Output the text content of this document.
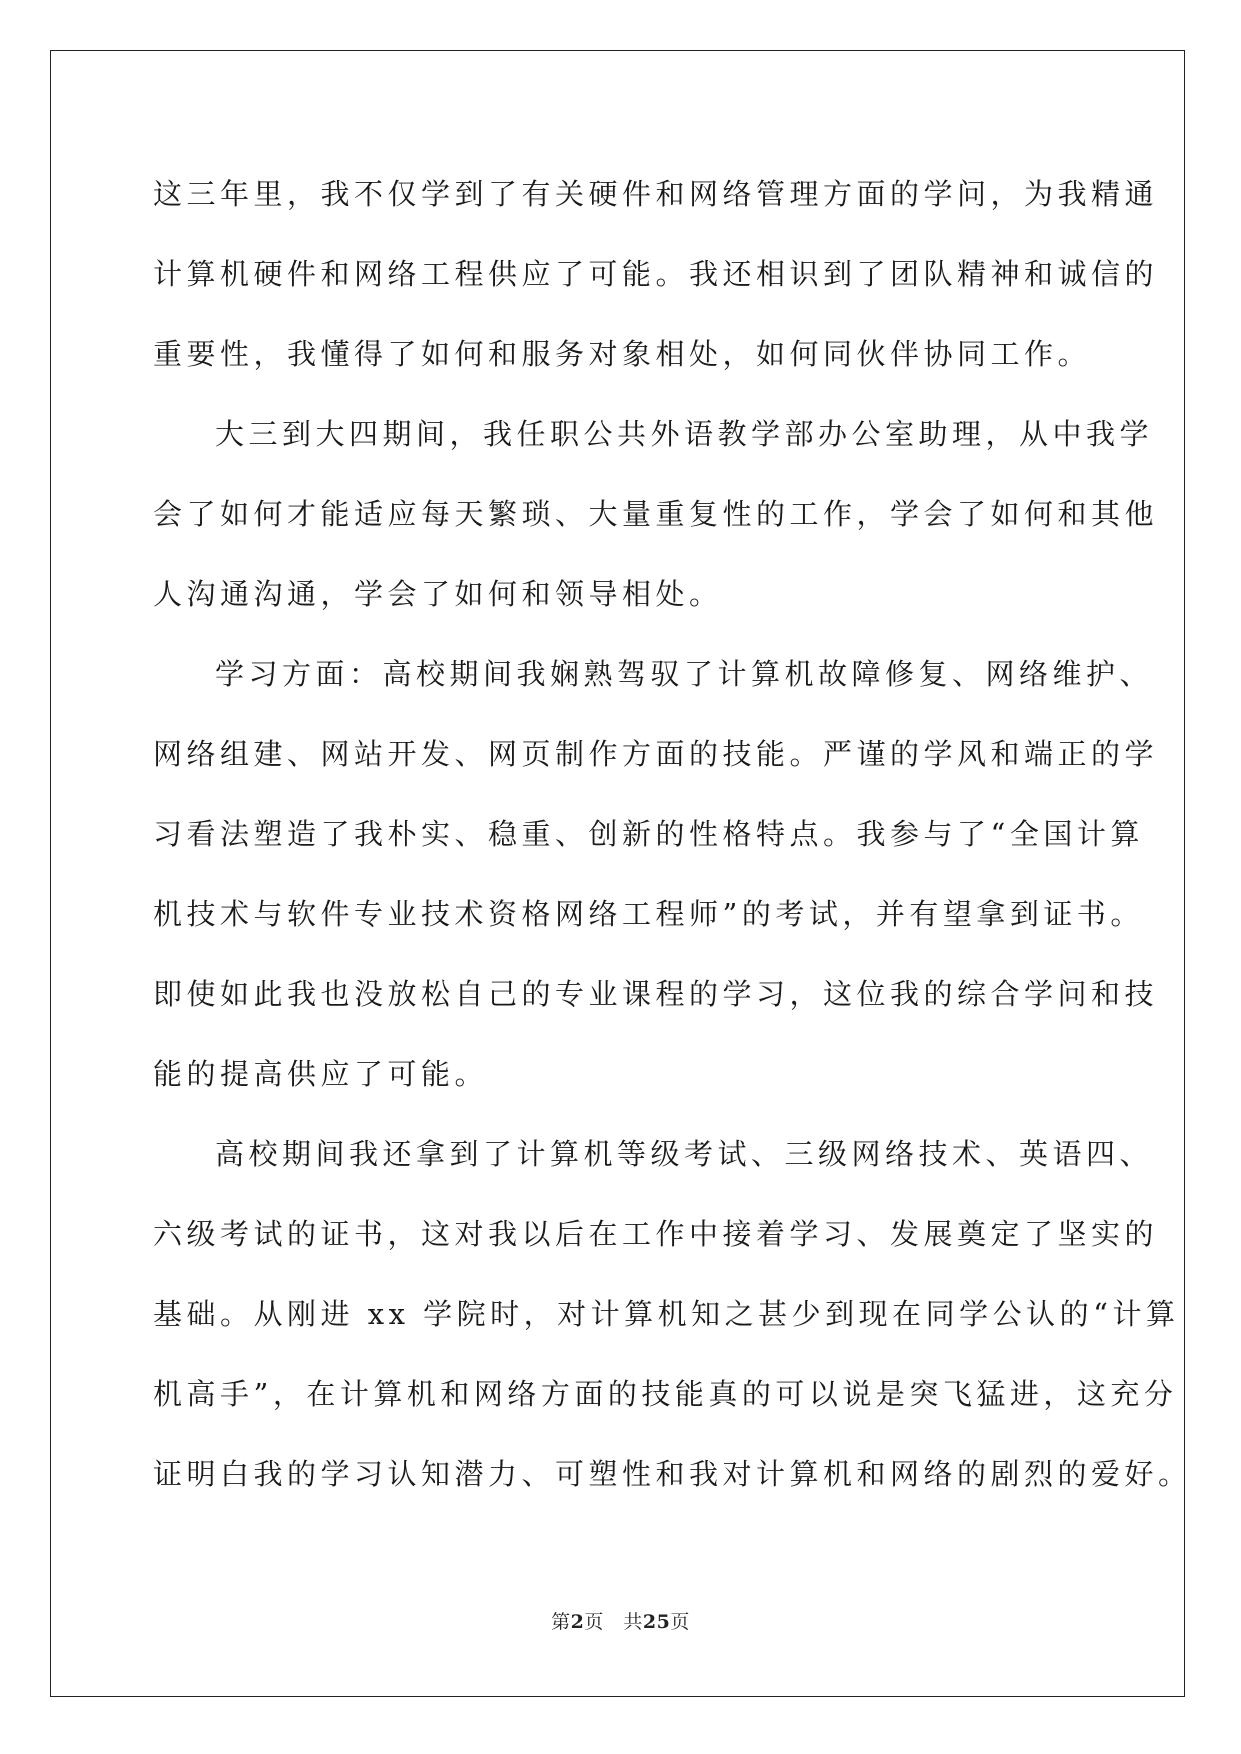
这三年里，我不仅学到了有关硬件和网络管理方面的学问，为我精通
计算机硬件和网络工程供应了可能。我还相识到了团队精神和诚信的
重要性，我懂得了如何和服务对象相处，如何同伙伴协同工作。
大三到大四期间，我任职公共外语教学部办公室助理，从中我学
会了如何才能适应每天繁琐、大量重复性的工作，学会了如何和其他
人沟通沟通，学会了如何和领导相处。
学习方面：高校期间我娴熟驾驭了计算机故障修复、网络维护、
网络组建、网站开发、网页制作方面的技能。严谨的学风和端正的学
习看法塑造了我朴实、稳重、创新的性格特点。我参与了“全国计算
机技术与软件专业技术资格网络工程师”的考试，并有望拿到证书。
即使如此我也没放松自己的专业课程的学习，这位我的综合学问和技
能的提高供应了可能。
高校期间我还拿到了计算机等级考试、三级网络技术、英语四、
六级考试的证书，这对我以后在工作中接着学习、发展奠定了坚实的
基础。从刚进 xx 学院时，对计算机知之甚少到现在同学公认的“计算
机高手”，在计算机和网络方面的技能真的可以说是突飞猛进，这充分
证明白我的学习认知潜力、可塑性和我对计算机和网络的剧烈的爱好。
第2页　共25页
